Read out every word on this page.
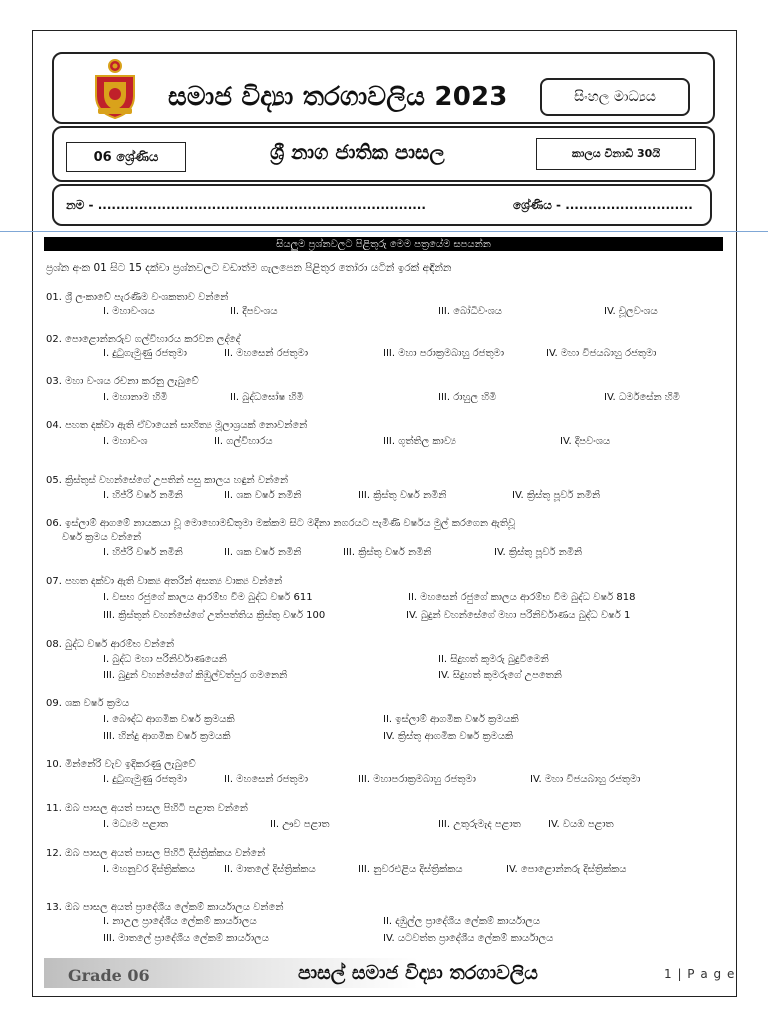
සමාජ විද්‍යා තරගාවලිය 2023	සිංහල මාධ්‍යය
06 ශ්‍රේණිය	ශ්‍රී නාග ජාතික පාසල	කාලය විනාඩි 30යි
නම - ........................................................................	ශ්‍රේණිය - ............................
සියලුම ප්‍රශ්නවලට පිළිතුරු මෙම පත්‍රයේම සපයන්න
ප්‍රශ්න අංක 01 සිට 15 දක්වා ප්‍රශ්නවලට වඩාත්ම ගැලපෙන පිළිතුර තෝරා යටින් ඉරක් අඳින්න
01. ශ්‍රී ලංකාවේ පැරණිම වංශකතාව වන්නේ
I. මහාවංශය	II. දීපවංශය	III. බෝධිවංශය	IV. චූලවංශය
02. පොළොන්නරුව ගල්විහාරය කරවන ලද්දේ
I. දුටුගැමුණු රජතුමා	II. මහසෙන් රජතුමා	III. මහා පරාක්‍රමබාහු රජතුමා	IV. මහා විජයබාහු රජතුමා
03. මහා වංශය රචනා කරනු ලැබුවේ
I. මහානාම හිමි	II. බුද්ධඝෝෂ හිමි	III. රාහුල හිමි	IV. ධර්මසේන හිමි
04. පහත දක්වා ඇති ඒවායෙන් සාහිත්‍ය මූලාශ්‍රයක් නොවන්නේ
I. මහාවංශ	II. ගල්විහාරය	III. ගුත්තිල කාව්‍ය	IV. දීපවංශය
05. ක්‍රිස්තුස් වහන්සේගේ උපතින් පසු කාලය හඳුන් වන්නේ
I. හිජ්රි වර්ෂ නමිනි	II. ශක වර්ෂ නමිනි	III. ක්‍රිස්තු වර්ෂ නමිනි	IV. ක්‍රිස්තු පූර්ව නමිනි
06. ඉස්ලාම් ආගමේ නායකයා වූ මොහොමඩ්තුමා මක්කම සිට මදීනා නගරයට පැමිණි වර්ෂය මුල් කරගෙන ඇතිවූ
වර්ෂ ක්‍රමය වන්නේ
I. හිජ්රි වර්ෂ නමිනි	II. ශක වර්ෂ නමිනි	III. ක්‍රිස්තු වර්ෂ නමිනි	IV. ක්‍රිස්තු පූර්ව නමිනි
07. පහත දක්වා ඇති වාක්‍ය අතරින් අසත්‍ය වාක්‍ය වන්නේ
I. වසභ රජුගේ කාලය ආරම්භ වීම බුද්ධ වර්ෂ 611	II. මහසෙන් රජුගේ කාලය ආරම්භ වීම බුද්ධ වර්ෂ 818
III. ක්‍රිස්තුන් වහන්සේගේ උත්පත්තිය ක්‍රිස්තු වර්ෂ 100	IV. බුදුන් වහන්සේගේ මහා පරිනිර්වාණය බුද්ධ වර්ෂ 1
08. බුද්ධ වර්ෂ ආරම්භ වන්නේ
I. බුද්ධ මහා පරිනිර්වාණයෙනි	II. සිදුහත් කුමරු බුදුවීමෙනි
III. බුදුන් වහන්සේගේ කිඹුල්වත්පුර ගමනෙනි	IV. සිදුහත් කුමරුගේ උපතෙනි
09. ශක වර්ෂ ක්‍රමය
I. බෞද්ධ ආගමික වර්ෂ ක්‍රමයකි	II. ඉස්ලාම් ආගමික වර්ෂ ක්‍රමයකි
III. හින්දු ආගමික වර්ෂ ක්‍රමයකි	IV. ක්‍රිස්තු ආගමික වර්ෂ ක්‍රමයකි
10. මින්නේරි වැව ඉදිකරණු ලැබුවේ
I. දුටුගැමුණු රජතුමා	II. මහසෙන් රජතුමා	III. මහාපරාක්‍රමබාහු රජතුමා	IV. මහා විජයබාහු රජතුමා
11. ඔබ පාසල අයත් පාසල පිහිටි පළාත වන්නේ
I. මධ්‍යම පළාත	II. ඌව පළාත	III. උතුරුමැද පළාත	IV. වයඹ පළාත
12. ඔබ පාසල අයත් පාසල පිහිටි දිස්ත්‍රික්කය වන්නේ
I. මහනුවර දිස්ත්‍රික්කය	II. මාතලේ දිස්ත්‍රික්කය	III. නුවරඑළිය දිස්ත්‍රික්කය	IV. පොළොන්නරු දිස්ත්‍රික්කය
13. ඔබ පාසල අයත් ප්‍රාදේශීය ලේකම් කාර්යාලය වන්නේ
I. නාඋල ප්‍රාදේශීය ලේකම් කාර්යාලය	II. දඹුල්ල ප්‍රාදේශීය ලේකම් කාර්යාලය
III. මාතලේ ප්‍රාදේශීය ලේකම් කාර්යාලය	IV. යටවත්ත ප්‍රාදේශීය ලේකම් කාර්යාලය
Grade 06	පාසල් සමාජ විද්‍යා තරගාවලිය	1 | P a g e
